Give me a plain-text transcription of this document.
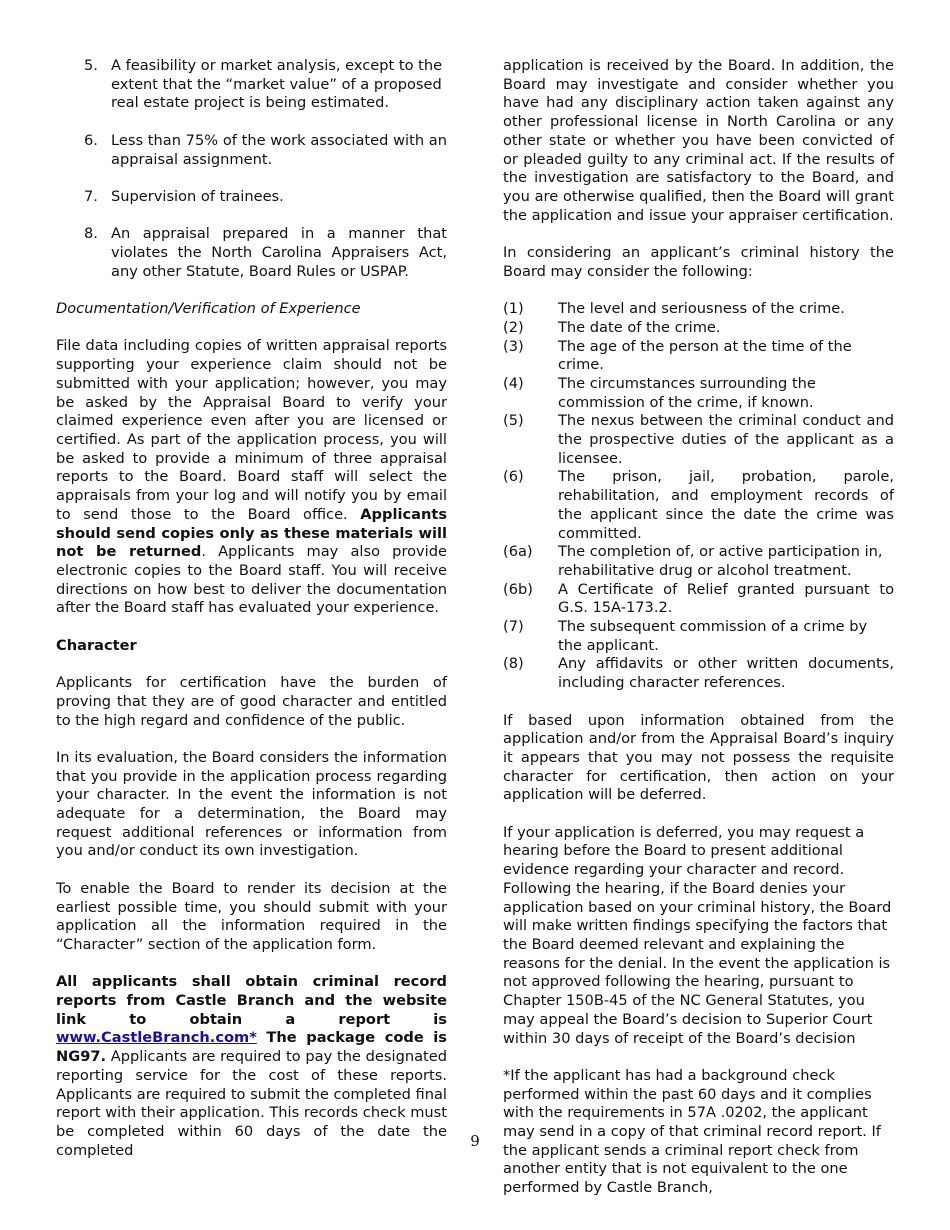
5. A feasibility or market analysis, except to the extent that the “market value” of a proposed real estate project is being estimated.
6. Less than 75% of the work associated with an appraisal assignment.
7. Supervision of trainees.
8. An appraisal prepared in a manner that violates the North Carolina Appraisers Act, any other Statute, Board Rules or USPAP.

Documentation/Verification of Experience

File data including copies of written appraisal reports supporting your experience claim should not be submitted with your application; however, you may be asked by the Appraisal Board to verify your claimed experience even after you are licensed or certified. As part of the application process, you will be asked to provide a minimum of three appraisal reports to the Board. Board staff will select the appraisals from your log and will notify you by email to send those to the Board office. Applicants should send copies only as these materials will not be returned. Applicants may also provide electronic copies to the Board staff. You will receive directions on how best to deliver the documentation after the Board staff has evaluated your experience.

Character

Applicants for certification have the burden of proving that they are of good character and entitled to the high regard and confidence of the public.

In its evaluation, the Board considers the information that you provide in the application process regarding your character. In the event the information is not adequate for a determination, the Board may request additional references or information from you and/or conduct its own investigation.

To enable the Board to render its decision at the earliest possible time, you should submit with your application all the information required in the “Character” section of the application form.

All applicants shall obtain criminal record reports from Castle Branch and the website link to obtain a report is www.CastleBranch.com* The package code is NG97. Applicants are required to pay the designated reporting service for the cost of these reports. Applicants are required to submit the completed final report with their application. This records check must be completed within 60 days of the date the completed

application is received by the Board. In addition, the Board may investigate and consider whether you have had any disciplinary action taken against any other professional license in North Carolina or any other state or whether you have been convicted of or pleaded guilty to any criminal act. If the results of the investigation are satisfactory to the Board, and you are otherwise qualified, then the Board will grant the application and issue your appraiser certification.

In considering an applicant’s criminal history the Board may consider the following:

(1) The level and seriousness of the crime.
(2) The date of the crime.
(3) The age of the person at the time of the crime.
(4) The circumstances surrounding the commission of the crime, if known.
(5) The nexus between the criminal conduct and the prospective duties of the applicant as a licensee.
(6) The prison, jail, probation, parole, rehabilitation, and employment records of the applicant since the date the crime was committed.
(6a) The completion of, or active participation in, rehabilitative drug or alcohol treatment.
(6b) A Certificate of Relief granted pursuant to G.S. 15A-173.2.
(7) The subsequent commission of a crime by the applicant.
(8) Any affidavits or other written documents, including character references.

If based upon information obtained from the application and/or from the Appraisal Board’s inquiry it appears that you may not possess the requisite character for certification, then action on your application will be deferred.

If your application is deferred, you may request a hearing before the Board to present additional evidence regarding your character and record. Following the hearing, if the Board denies your application based on your criminal history, the Board will make written findings specifying the factors that the Board deemed relevant and explaining the reasons for the denial. In the event the application is not approved following the hearing, pursuant to Chapter 150B-45 of the NC General Statutes, you may appeal the Board’s decision to Superior Court within 30 days of receipt of the Board’s decision

*If the applicant has had a background check performed within the past 60 days and it complies with the requirements in 57A .0202, the applicant may send in a copy of that criminal record report. If the applicant sends a criminal report check from another entity that is not equivalent to the one performed by Castle Branch,

9
